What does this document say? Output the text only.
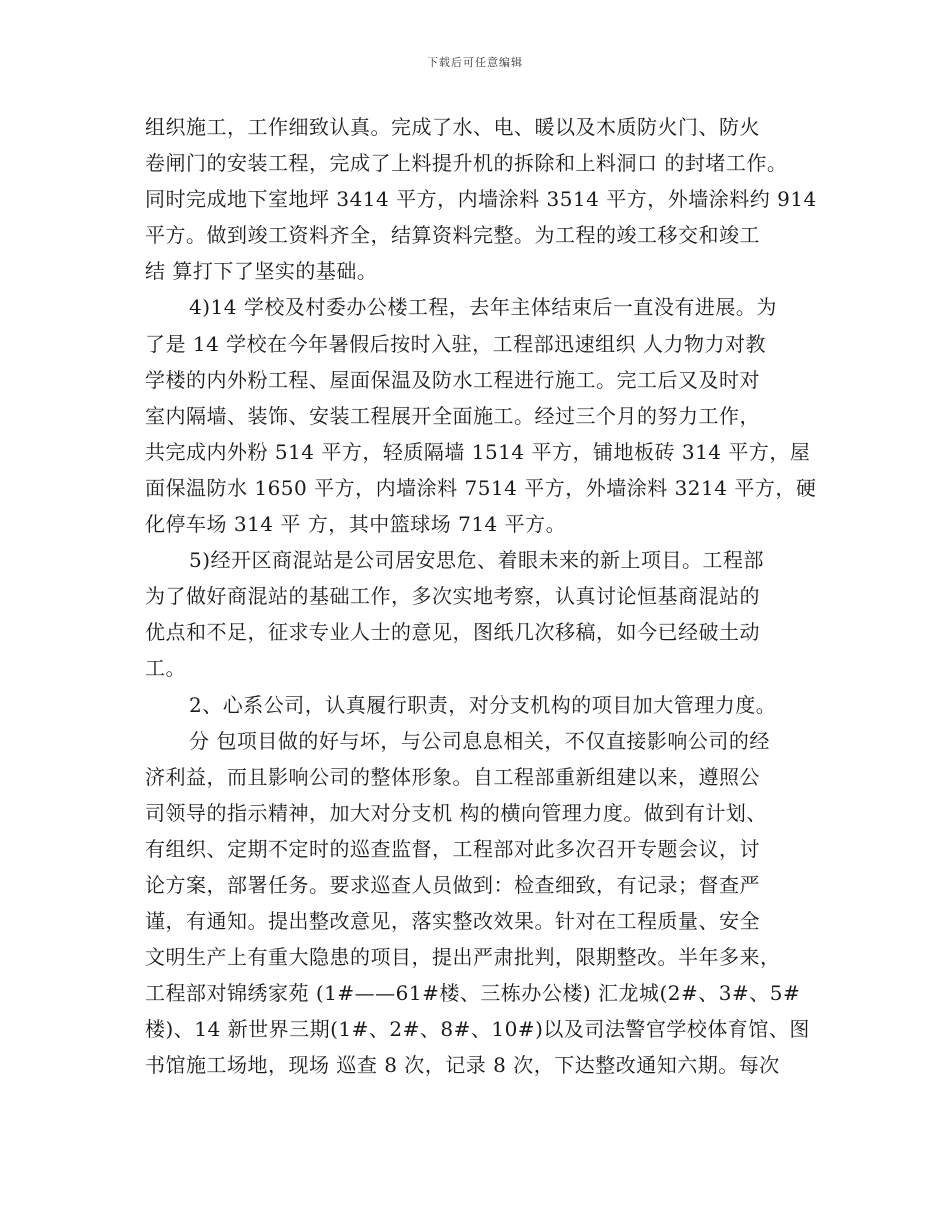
下载后可任意编辑
组织施工，工作细致认真。完成了水、电、暖以及木质防火门、防火
卷闸门的安装工程，完成了上料提升机的拆除和上料洞口 的封堵工作。
同时完成地下室地坪 3414 平方，内墙涂料 3514 平方，外墙涂料约 914
平方。做到竣工资料齐全，结算资料完整。为工程的竣工移交和竣工
结 算打下了坚实的基础。
4)14 学校及村委办公楼工程，去年主体结束后一直没有进展。为
了是 14 学校在今年暑假后按时入驻，工程部迅速组织 人力物力对教
学楼的内外粉工程、屋面保温及防水工程进行施工。完工后又及时对
室内隔墙、装饰、安装工程展开全面施工。经过三个月的努力工作，
共完成内外粉 514 平方，轻质隔墙 1514 平方，铺地板砖 314 平方，屋
面保温防水 1650 平方，内墙涂料 7514 平方，外墙涂料 3214 平方，硬
化停车场 314 平 方，其中篮球场 714 平方。
5)经开区商混站是公司居安思危、着眼未来的新上项目。工程部
为了做好商混站的基础工作，多次实地考察，认真讨论恒基商混站的
优点和不足，征求专业人士的意见，图纸几次移稿，如今已经破土动
工。
2、心系公司，认真履行职责，对分支机构的项目加大管理力度。
分 包项目做的好与坏，与公司息息相关，不仅直接影响公司的经
济利益，而且影响公司的整体形象。自工程部重新组建以来，遵照公
司领导的指示精神，加大对分支机 构的横向管理力度。做到有计划、
有组织、定期不定时的巡查监督，工程部对此多次召开专题会议，讨
论方案，部署任务。要求巡查人员做到：检查细致，有记录；督查严
谨，有通知。提出整改意见，落实整改效果。针对在工程质量、安全
文明生产上有重大隐患的项目，提出严肃批判，限期整改。半年多来，
工程部对锦绣家苑 (1#——61#楼、三栋办公楼) 汇龙城(2#、3#、5#
楼)、14 新世界三期(1#、2#、8#、10#)以及司法警官学校体育馆、图
书馆施工场地，现场 巡查 8 次，记录 8 次，下达整改通知六期。每次
